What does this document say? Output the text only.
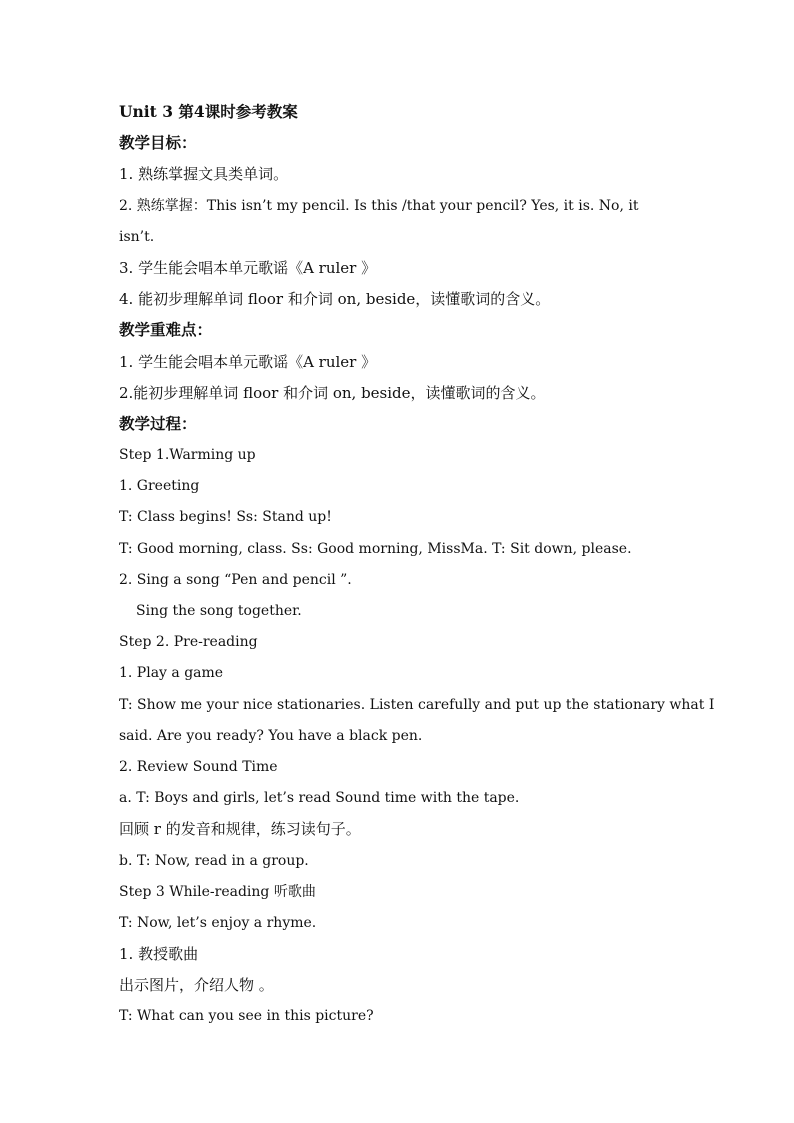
Unit 3 第4课时参考教案
教学目标：
1. 熟练掌握文具类单词。
2. 熟练掌握：This isn’t my pencil. Is this /that your pencil? Yes, it is. No, it
isn’t.
3. 学生能会唱本单元歌谣《A ruler 》
4. 能初步理解单词 floor 和介词 on, beside，读懂歌词的含义。
教学重难点：
1. 学生能会唱本单元歌谣《A ruler 》
2.能初步理解单词 floor 和介词 on, beside，读懂歌词的含义。
教学过程：
Step 1.Warming up
1. Greeting
T: Class begins! Ss: Stand up!
T: Good morning, class. Ss: Good morning, MissMa. T: Sit down, please.
2. Sing a song “Pen and pencil ”.
Sing the song together.
Step 2. Pre-reading
1. Play a game
T: Show me your nice stationaries. Listen carefully and put up the stationary what I
said. Are you ready? You have a black pen.
2. Review Sound Time
a. T: Boys and girls, let’s read Sound time with the tape.
回顾 r 的发音和规律，练习读句子。
b. T: Now, read in a group.
Step 3 While-reading 听歌曲
T: Now, let’s enjoy a rhyme.
1. 教授歌曲
出示图片，介绍人物 。
T: What can you see in this picture?
